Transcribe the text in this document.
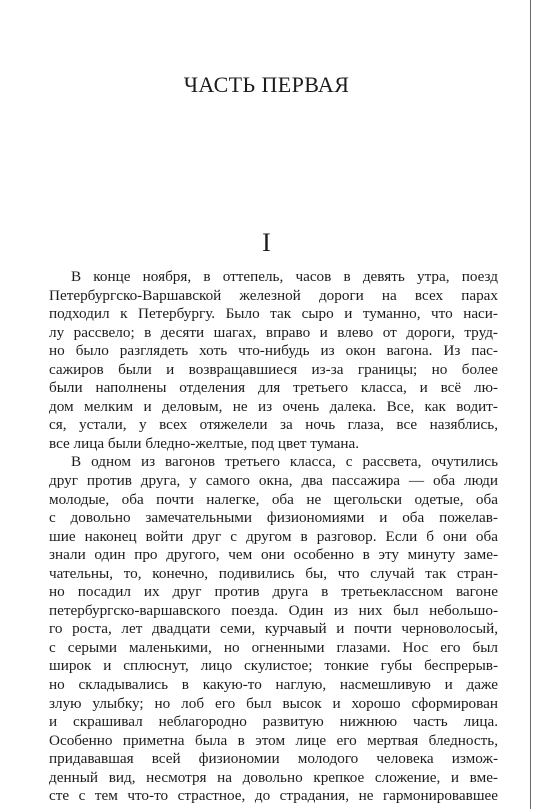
ЧАСТЬ ПЕРВАЯ
I
В конце ноября, в оттепель, часов в девять утра, поезд
Петербургско-Варшавской железной дороги на всех парах
подходил к Петербургу. Было так сыро и туманно, что наси-
лу рассвело; в десяти шагах, вправо и влево от дороги, труд-
но было разглядеть хоть что-нибудь из окон вагона. Из пас-
сажиров были и возвращавшиеся из-за границы; но более
были наполнены отделения для третьего класса, и всё лю-
дом мелким и деловым, не из очень далека. Все, как водит-
ся, устали, у всех отяжелели за ночь глаза, все назяблись,
все лица были бледно-желтые, под цвет тумана.
В одном из вагонов третьего класса, с рассвета, очутились
друг против друга, у самого окна, два пассажира — оба люди
молодые, оба почти налегке, оба не щегольски одетые, оба
с довольно замечательными физиономиями и оба пожелав-
шие наконец войти друг с другом в разговор. Если б они оба
знали один про другого, чем они особенно в эту минуту заме-
чательны, то, конечно, подивились бы, что случай так стран-
но посадил их друг против друга в третьеклассном вагоне
петербургско-варшавского поезда. Один из них был небольшо-
го роста, лет двадцати семи, курчавый и почти черноволосый,
с серыми маленькими, но огненными глазами. Нос его был
широк и сплюснут, лицо скулистое; тонкие губы беспрерыв-
но складывались в какую-то наглую, насмешливую и даже
злую улыбку; но лоб его был высок и хорошо сформирован
и скрашивал неблагородно развитую нижнюю часть лица.
Особенно приметна была в этом лице его мертвая бледность,
придававшая всей физиономии молодого человека измож-
денный вид, несмотря на довольно крепкое сложение, и вме-
сте с тем что-то страстное, до страдания, не гармонировавшее
